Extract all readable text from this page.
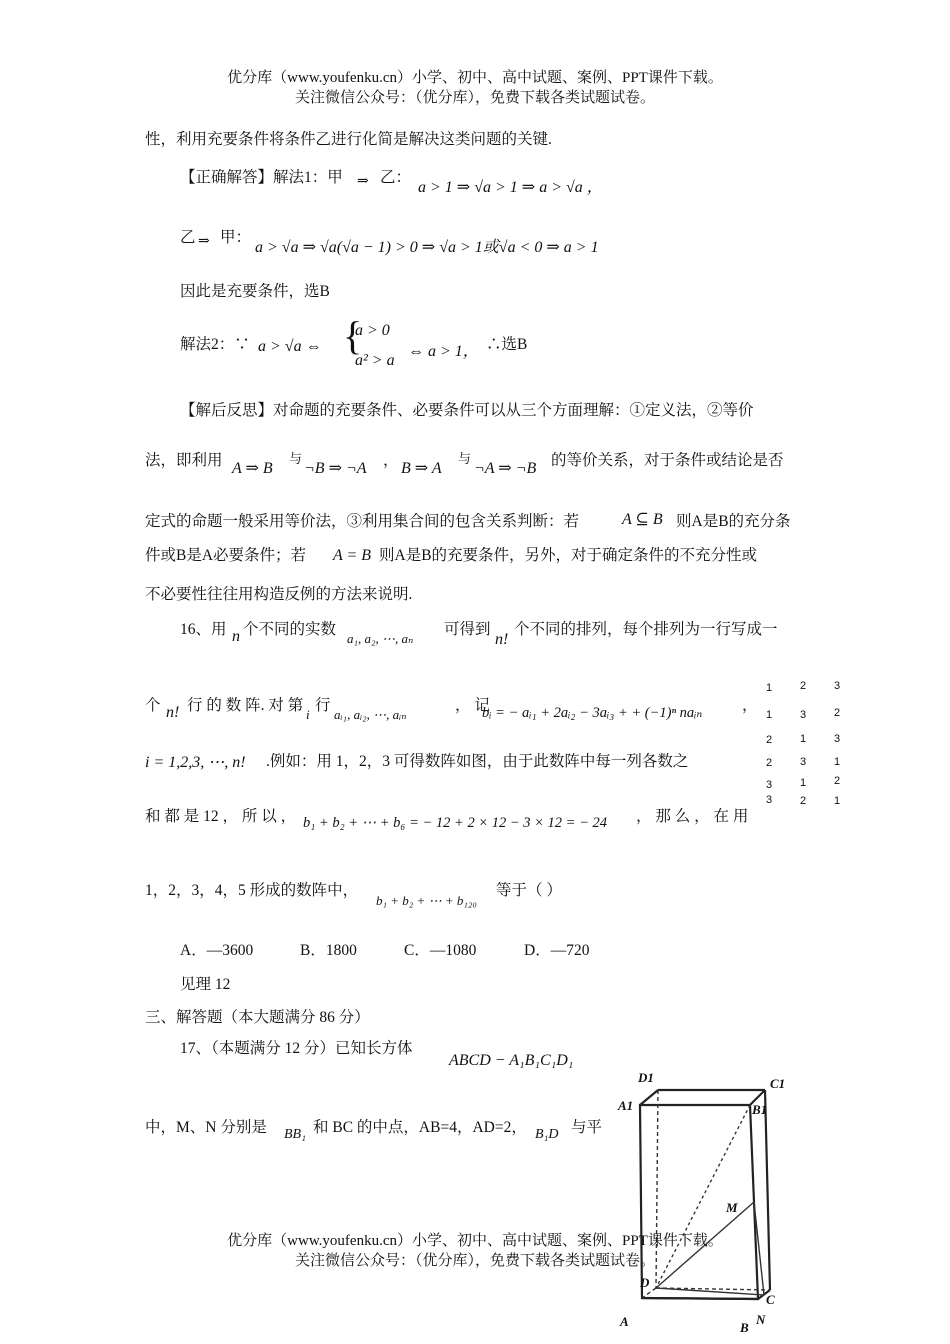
优分库（www.youfenku.cn）小学、初中、高中试题、案例、PPT课件下载。
关注微信公众号：（优分库），免费下载各类试题试卷。
性，利用充要条件将条件乙进行化简是解决这类问题的关键.
【正确解答】解法1：甲 ⇒ 乙：
a > 1 ⇒ √a > 1 ⇒ a > √a ，
乙 ⇒ 甲：
a > √a ⇒ √a(√a − 1) > 0 ⇒ √a > 1或√a < 0 ⇒ a > 1
因此是充要条件，选B
解法2：∵ a > √a ⇔ {
a > 0
a² > a
⇔ a > 1， ∴选B
【解后反思】对命题的充要条件、必要条件可以从三个方面理解：①定义法，②等价
法，即利用 A ⇒ B
与
¬B ⇒ ¬A ， B ⇒ A
与
¬A ⇒ ¬B 的等价关系，对于条件或结论是否
定式的命题一般采用等价法，③利用集合间的包含关系判断：若	A ⊆ B 则A是B的充分条
件或B是A必要条件；若 A = B 则A是B的充要条件，另外，对于确定条件的不充分性或
不必要性往往用构造反例的方法来说明.
16、用 n 个不同的实数
a₁, a₂, ⋯, aₙ
可得到
n!
个不同的排列，每个排列为一行写成一
个 n! 行 的 数 阵. 对 第
i
行
aᵢ₁, aᵢ₂, ⋯, aᵢₙ
， 记
bᵢ = − aᵢ₁ + 2aᵢ₂ − 3aᵢ₃ + + (−1)ⁿ naᵢₙ	，
i = 1,2,3, ⋯, n! .例如：用 1，2，3 可得数阵如图，由于此数阵中每一列各数之
和 都 是 12 ， 所 以 ， b₁ + b₂ + ⋯ + b₆ = − 12 + 2 × 12 − 3 × 12 = − 24 ， 那 么 ， 在 用
1，2，3，4，5 形成的数阵中，
b₁ + b₂ + ⋯ + b₁₂₀
等于（ ）
1	2	3
1	3	2
2	1	3
2	3	1
3	1	2
3	2	1
A．—3600	B．1800	C．—1080	D．—720
见理 12
三、解答题（本大题满分 86 分）
17、（本题满分 12 分）已知长方体
ABCD − A₁B₁C₁D₁
中，M、N 分别是 BB₁ 和 BC 的中点，AB=4，AD=2， B₁D 与平
D1	C1
A1	B1
M
D
C
A	B
N
优分库（www.youfenku.cn）小学、初中、高中试题、案例、PPT课件下载。
关注微信公众号：（优分库），免费下载各类试题试卷。
